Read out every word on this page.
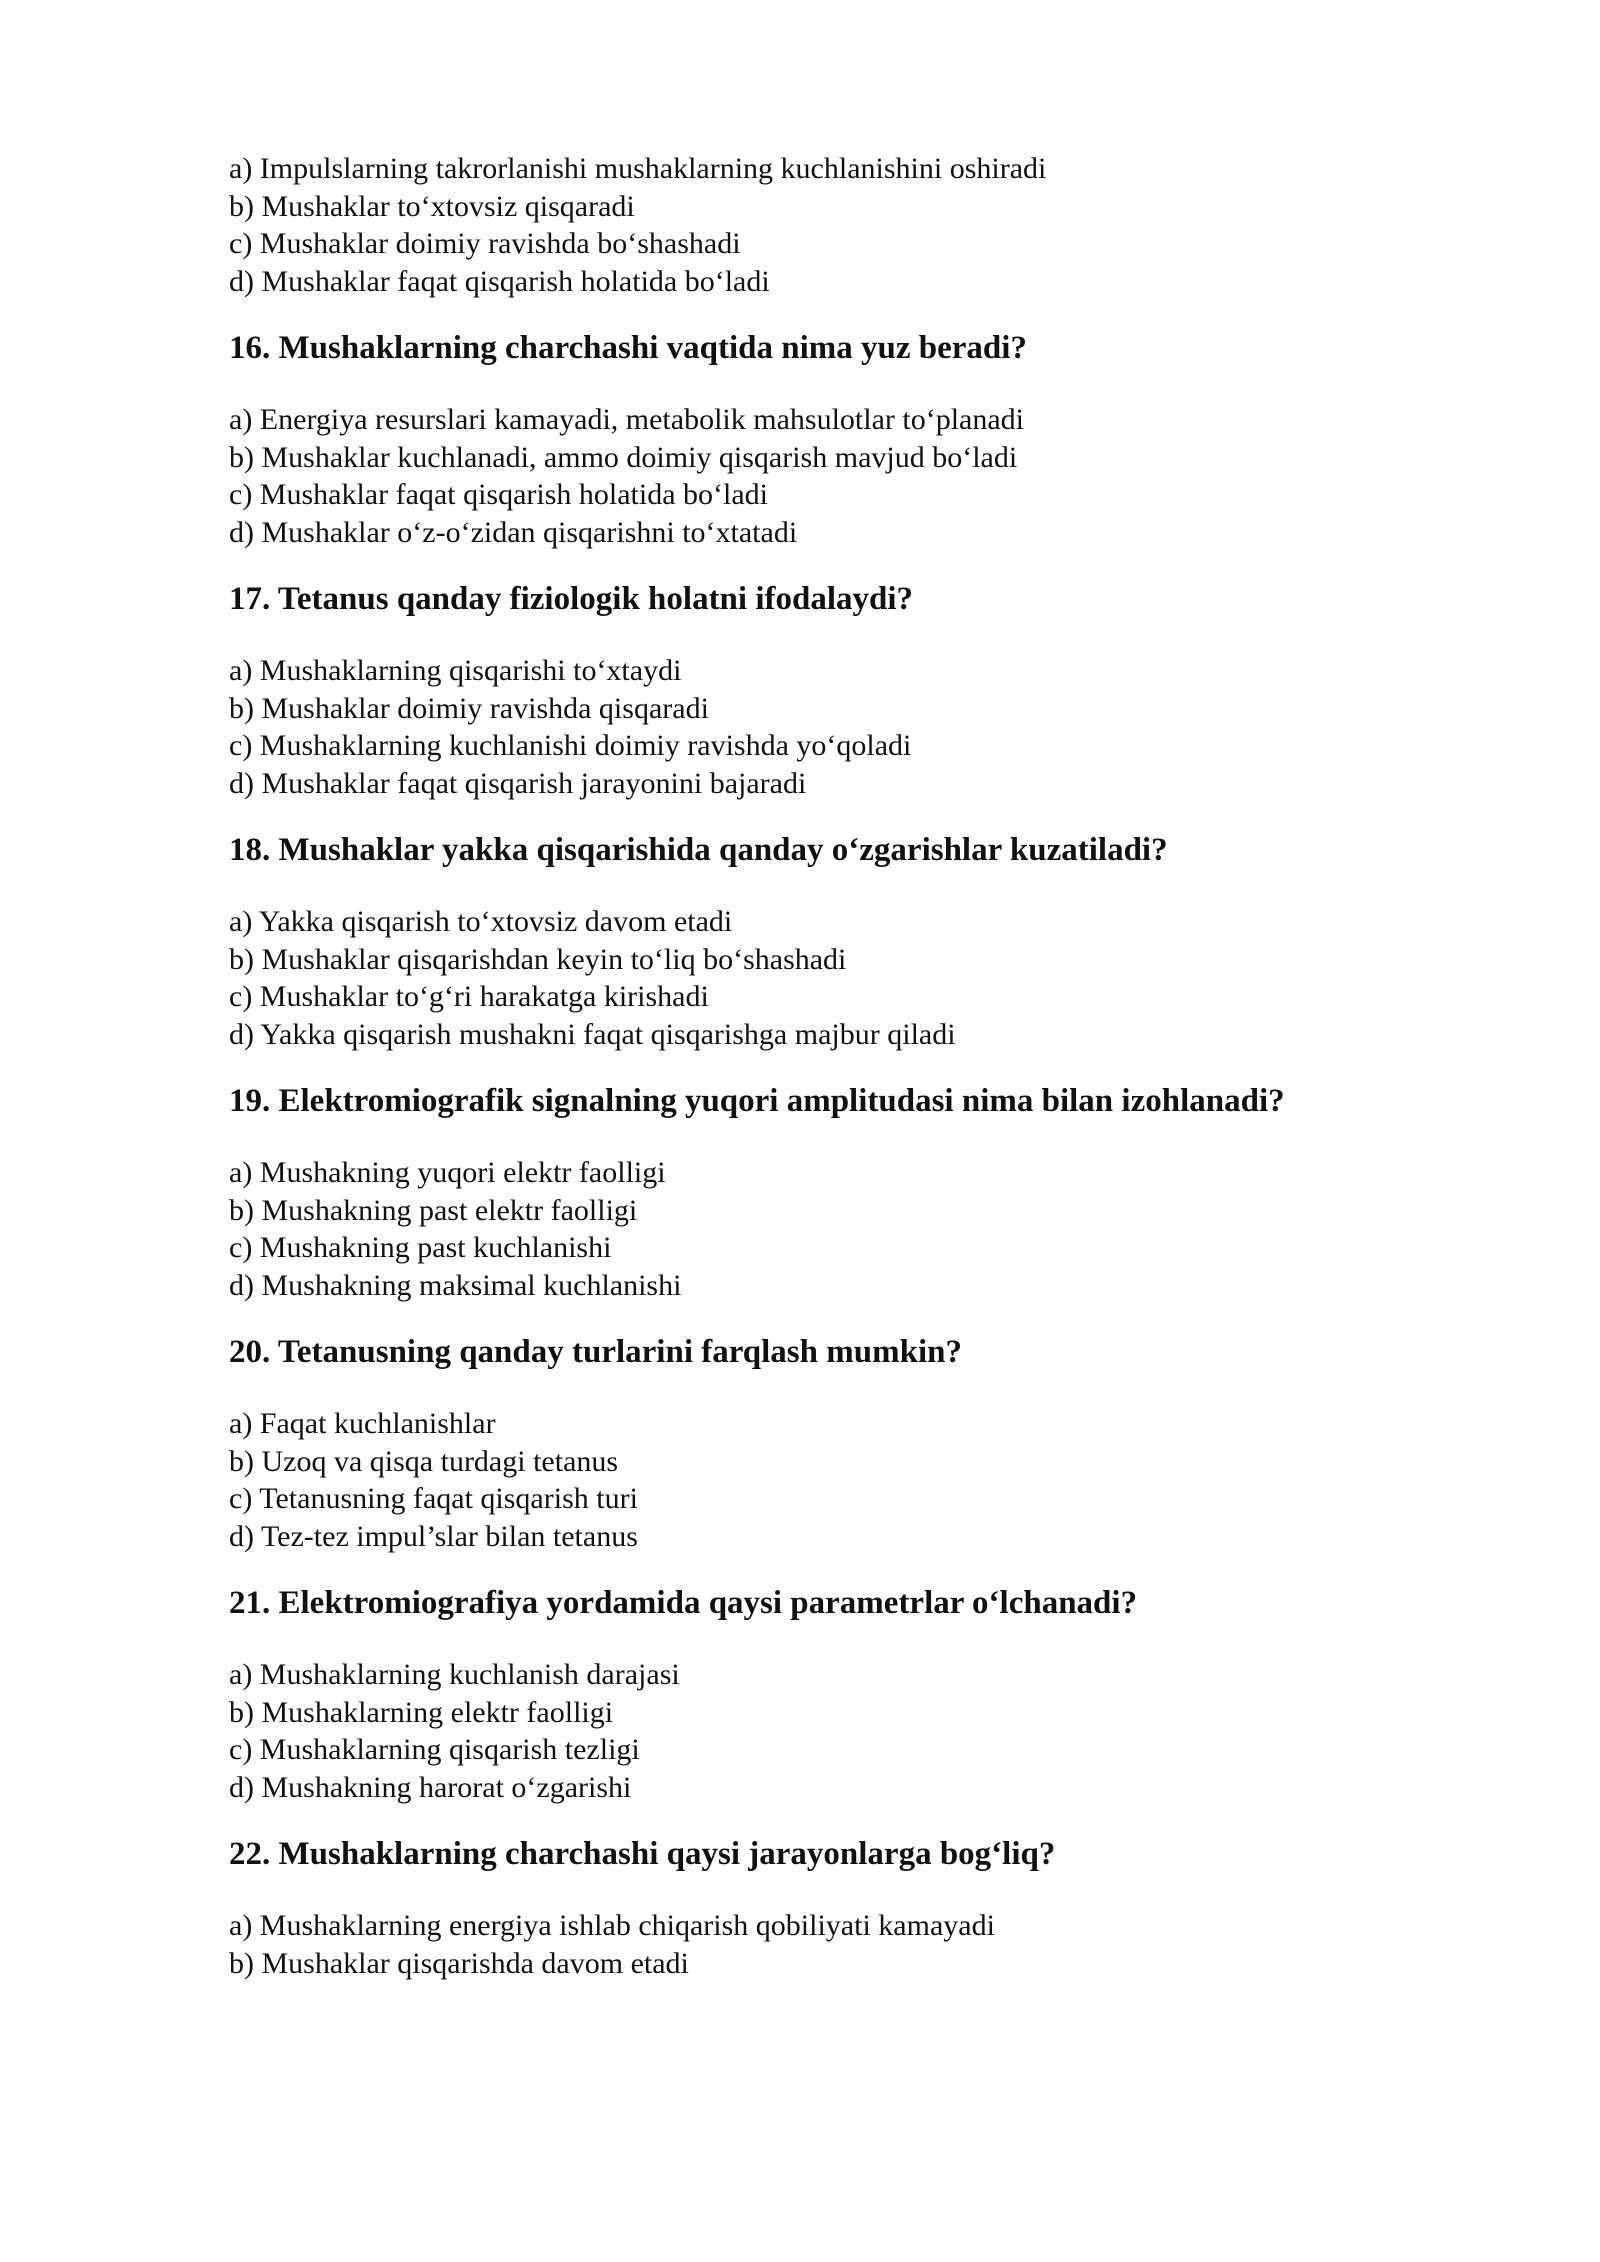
a) Impulslarning takrorlanishi mushaklarning kuchlanishini oshiradi
b) Mushaklar to‘xtovsiz qisqaradi
c) Mushaklar doimiy ravishda bo‘shashadi
d) Mushaklar faqat qisqarish holatida bo‘ladi
16. Mushaklarning charchashi vaqtida nima yuz beradi?
a) Energiya resurslari kamayadi, metabolik mahsulotlar to‘planadi
b) Mushaklar kuchlanadi, ammo doimiy qisqarish mavjud bo‘ladi
c) Mushaklar faqat qisqarish holatida bo‘ladi
d) Mushaklar o‘z-o‘zidan qisqarishni to‘xtatadi
17. Tetanus qanday fiziologik holatni ifodalaydi?
a) Mushaklarning qisqarishi to‘xtaydi
b) Mushaklar doimiy ravishda qisqaradi
c) Mushaklarning kuchlanishi doimiy ravishda yo‘qoladi
d) Mushaklar faqat qisqarish jarayonini bajaradi
18. Mushaklar yakka qisqarishida qanday o‘zgarishlar kuzatiladi?
a) Yakka qisqarish to‘xtovsiz davom etadi
b) Mushaklar qisqarishdan keyin to‘liq bo‘shashadi
c) Mushaklar to‘g‘ri harakatga kirishadi
d) Yakka qisqarish mushakni faqat qisqarishga majbur qiladi
19. Elektromiografik signalning yuqori amplitudasi nima bilan izohlanadi?
a) Mushakning yuqori elektr faolligi
b) Mushakning past elektr faolligi
c) Mushakning past kuchlanishi
d) Mushakning maksimal kuchlanishi
20. Tetanusning qanday turlarini farqlash mumkin?
a) Faqat kuchlanishlar
b) Uzoq va qisqa turdagi tetanus
c) Tetanusning faqat qisqarish turi
d) Tez-tez impul’slar bilan tetanus
21. Elektromiografiya yordamida qaysi parametrlar o‘lchanadi?
a) Mushaklarning kuchlanish darajasi
b) Mushaklarning elektr faolligi
c) Mushaklarning qisqarish tezligi
d) Mushakning harorat o‘zgarishi
22. Mushaklarning charchashi qaysi jarayonlarga bog‘liq?
a) Mushaklarning energiya ishlab chiqarish qobiliyati kamayadi
b) Mushaklar qisqarishda davom etadi
